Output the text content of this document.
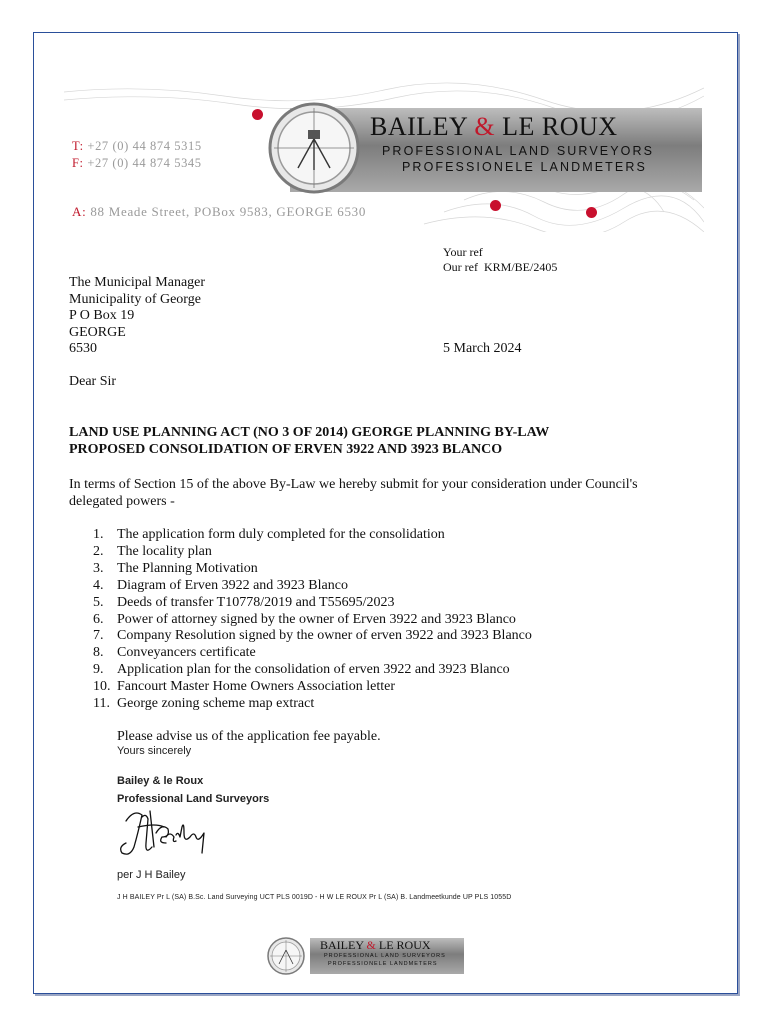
T: +27 (0) 44 874 5315
F: +27 (0) 44 874 5345
A: 88 Meade Street, POBox 9583, GEORGE 6530
BAILEY & LE ROUX
PROFESSIONAL LAND SURVEYORS
PROFESSIONELE LANDMETERS
Your ref
Our ref KRM/BE/2405
The Municipal Manager
Municipality of George
P O Box 19
GEORGE
6530	5 March 2024
Dear Sir
LAND USE PLANNING ACT (NO 3 OF 2014) GEORGE PLANNING BY-LAW
PROPOSED CONSOLIDATION OF ERVEN 3922 AND 3923 BLANCO
In terms of Section 15 of the above By-Law we hereby submit for your consideration under Council's
delegated powers -
1. The application form duly completed for the consolidation
2. The locality plan
3. The Planning Motivation
4. Diagram of Erven 3922 and 3923 Blanco
5. Deeds of transfer T10778/2019 and T55695/2023
6. Power of attorney signed by the owner of Erven 3922 and 3923 Blanco
7. Company Resolution signed by the owner of erven 3922 and 3923 Blanco
8. Conveyancers certificate
9. Application plan for the consolidation of erven 3922 and 3923 Blanco
10. Fancourt Master Home Owners Association letter
11. George zoning scheme map extract
Please advise us of the application fee payable.
Yours sincerely
Bailey & le Roux
Professional Land Surveyors
per J H Bailey
J H BAILEY Pr L (SA) B.Sc. Land Surveying UCT PLS 0019D - H W LE ROUX Pr L (SA) B. Landmeetkunde UP PLS 1055D
BAILEY & LE ROUX
PROFESSIONAL LAND SURVEYORS
PROFESSIONELE LANDMETERS
